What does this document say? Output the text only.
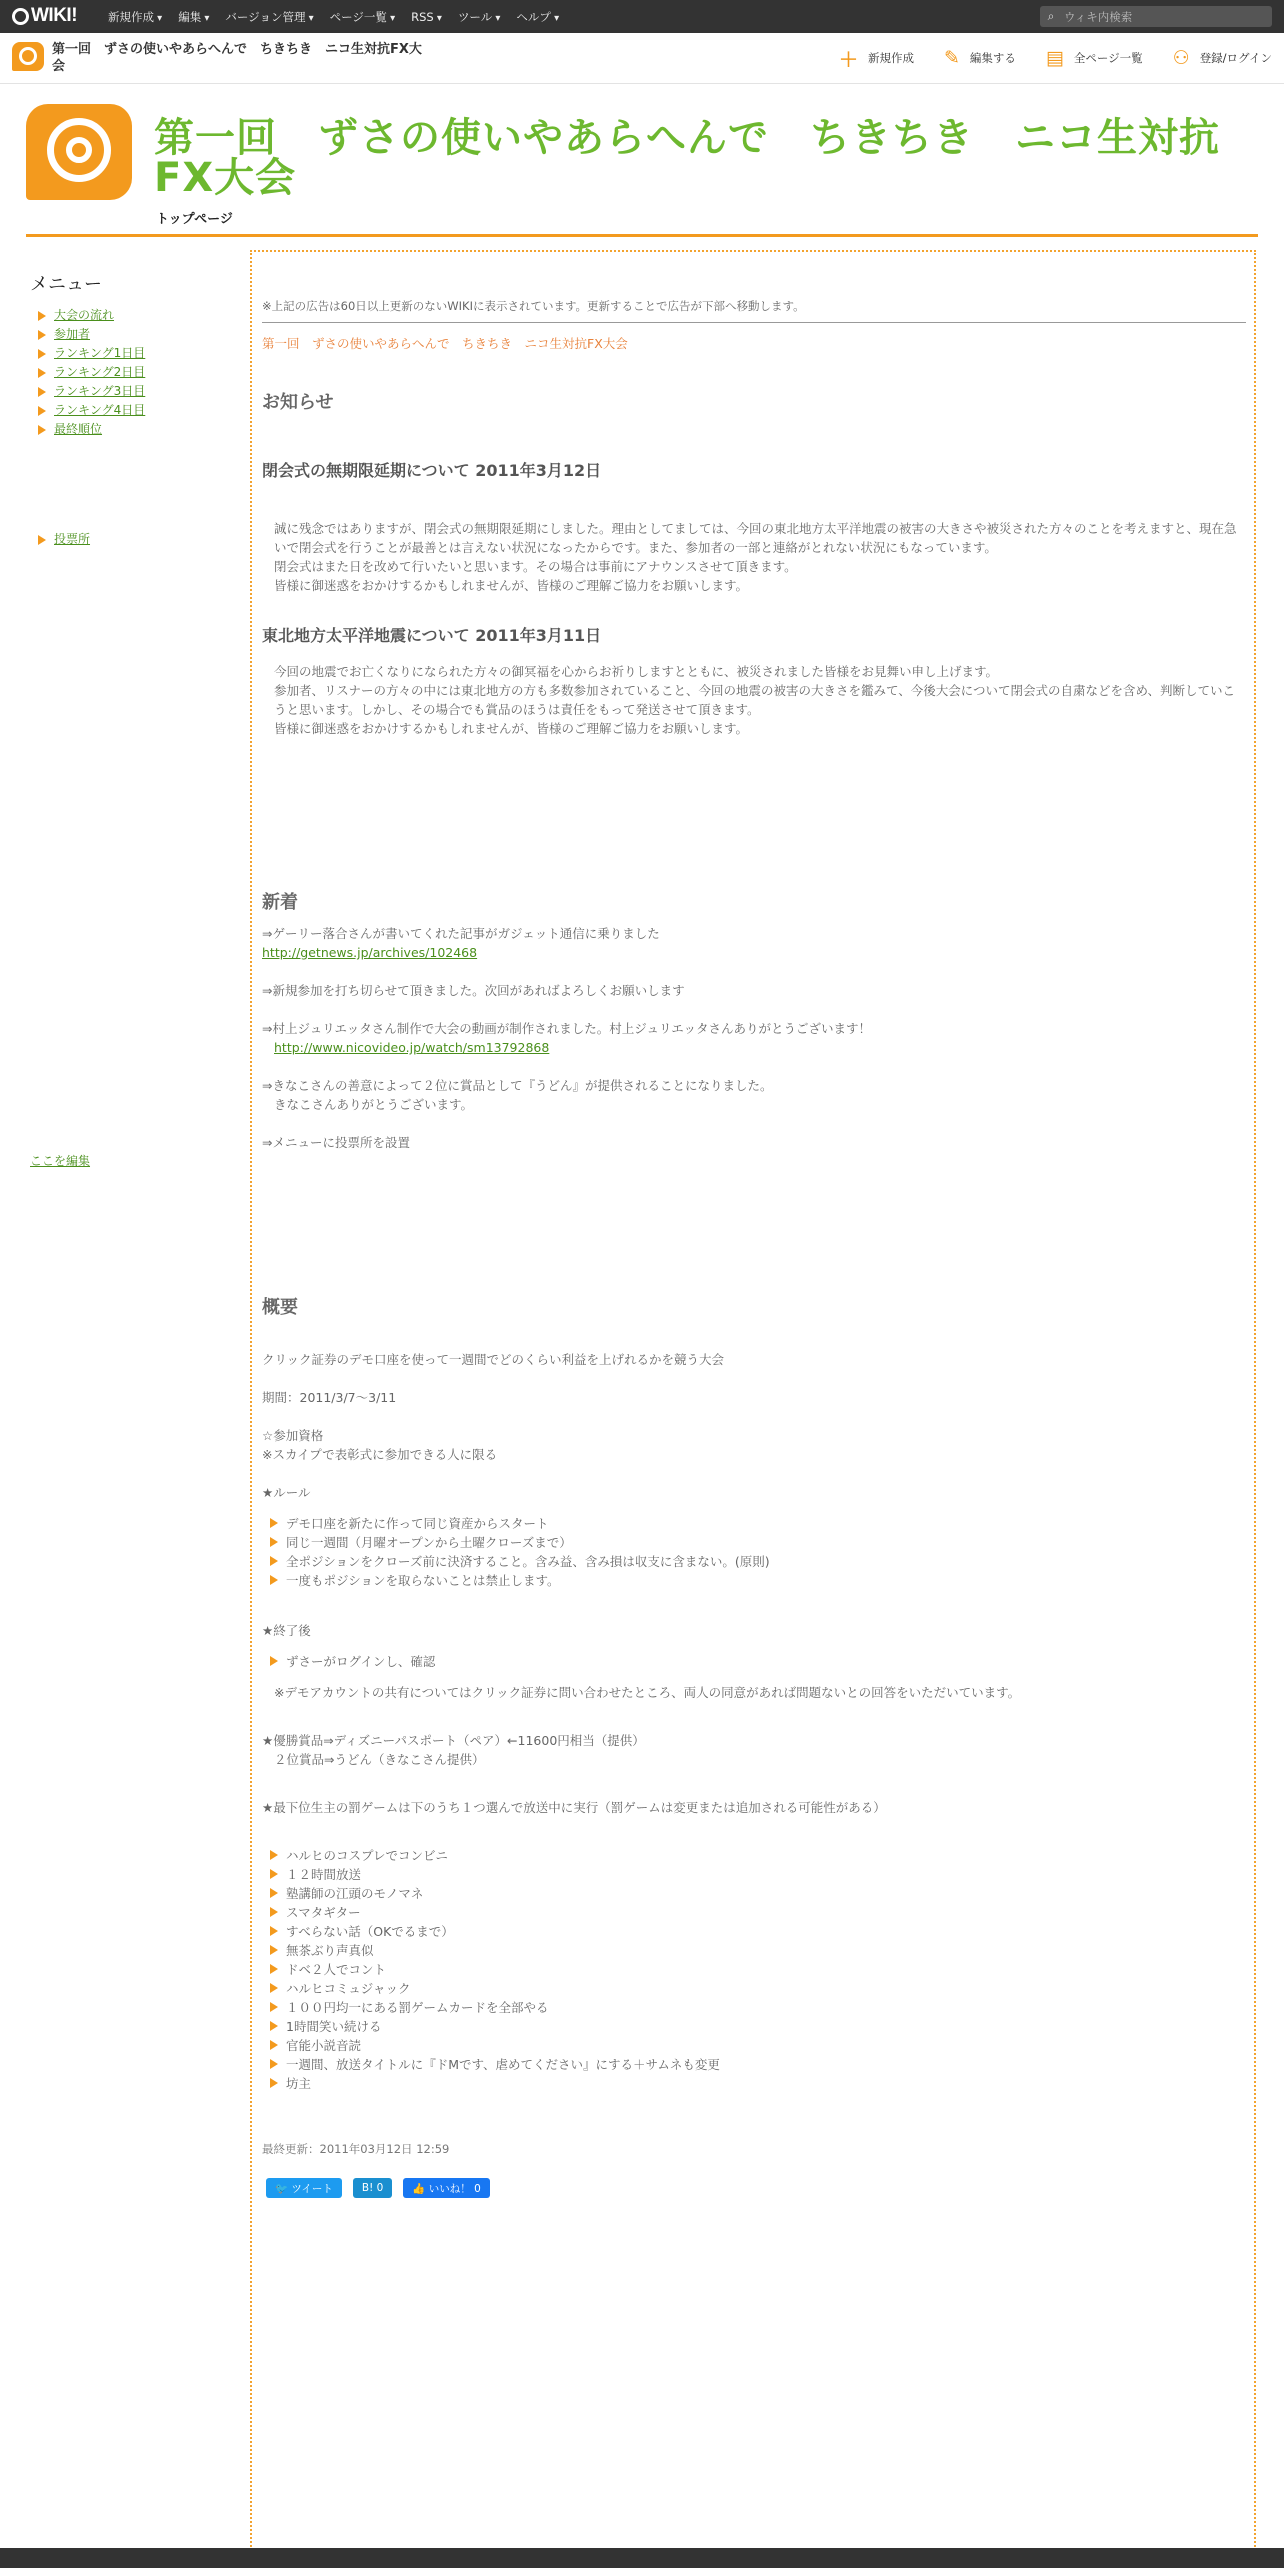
WIKI!	新規作成 ▾	編集 ▾	バージョン管理 ▾	ページ一覧 ▾	RSS ▾	ツール ▾	ヘルプ ▾	⌕
ウィキ内検索
第一回　ずさの使いやあらへんで　ちきちき　ニコ生対抗FX大会	＋ 新規作成 ✎ 編集する ▤ 全ページ一覧 ⚇ 登録/ログイン
第一回　ずさの使いやあらへんで　ちきちき　ニコ生対抗FX大会
トップページ
メニュー
大会の流れ
参加者
ランキング1日目
ランキング2日目
ランキング3日目
ランキング4日目
最終順位
投票所
ここを編集
※上記の広告は60日以上更新のないWIKIに表示されています。更新することで広告が下部へ移動します。
第一回　ずさの使いやあらへんで　ちきちき　ニコ生対抗FX大会
お知らせ
閉会式の無期限延期について 2011年3月12日
誠に残念ではありますが、閉会式の無期限延期にしました。理由としてましては、今回の東北地方太平洋地震の被害の大きさや被災された方々のことを考えますと、現在急いで閉会式を行うことが最善とは言えない状況になったからです。また、参加者の一部と連絡がとれない状況にもなっています。
閉会式はまた日を改めて行いたいと思います。その場合は事前にアナウンスさせて頂きます。
皆様に御迷惑をおかけするかもしれませんが、皆様のご理解ご協力をお願いします。
東北地方太平洋地震について 2011年3月11日
今回の地震でお亡くなりになられた方々の御冥福を心からお祈りしますとともに、被災されました皆様をお見舞い申し上げます。
参加者、リスナーの方々の中には東北地方の方も多数参加されていること、今回の地震の被害の大きさを鑑みて、今後大会について閉会式の自粛などを含め、判断していこうと思います。しかし、その場合でも賞品のほうは責任をもって発送させて頂きます。
皆様に御迷惑をおかけするかもしれませんが、皆様のご理解ご協力をお願いします。
新着
⇒ゲーリー落合さんが書いてくれた記事がガジェット通信に乗りました
http://getnews.jp/archives/102468
⇒新規参加を打ち切らせて頂きました。次回があればよろしくお願いします
⇒村上ジュリエッタさん制作で大会の動画が制作されました。村上ジュリエッタさんありがとうございます！
http://www.nicovideo.jp/watch/sm13792868
⇒きなこさんの善意によって２位に賞品として『うどん』が提供されることになりました。
きなこさんありがとうございます。
⇒メニューに投票所を設置
概要
クリック証券のデモ口座を使って一週間でどのくらい利益を上げれるかを競う大会
期間：2011/3/7～3/11
☆参加資格
※スカイプで表彰式に参加できる人に限る
★ルール
デモ口座を新たに作って同じ資産からスタート
同じ一週間（月曜オープンから土曜クローズまで）
全ポジションをクローズ前に決済すること。含み益、含み損は収支に含まない。(原則)
一度もポジションを取らないことは禁止します。
★終了後
ずさーがログインし、確認
※デモアカウントの共有についてはクリック証券に問い合わせたところ、両人の同意があれば問題ないとの回答をいただいています。
★優勝賞品⇒ディズニーパスポート（ペア）←11600円相当（提供）
２位賞品⇒うどん（きなこさん提供）
★最下位生主の罰ゲームは下のうち１つ選んで放送中に実行（罰ゲームは変更または追加される可能性がある）
ハルヒのコスプレでコンビニ
１２時間放送
塾講師の江頭のモノマネ
スマタギター
すべらない話（OKでるまで）
無茶ぶり声真似
ドベ２人でコント
ハルヒコミュジャック
１００円均一にある罰ゲームカードを全部やる
1時間笑い続ける
官能小説音読
一週間、放送タイトルに『ドMです、虐めてください』にする＋サムネも変更
坊主
最終更新：2011年03月12日 12:59
🐦 ツイート	B! 0	👍 いいね！ 0
